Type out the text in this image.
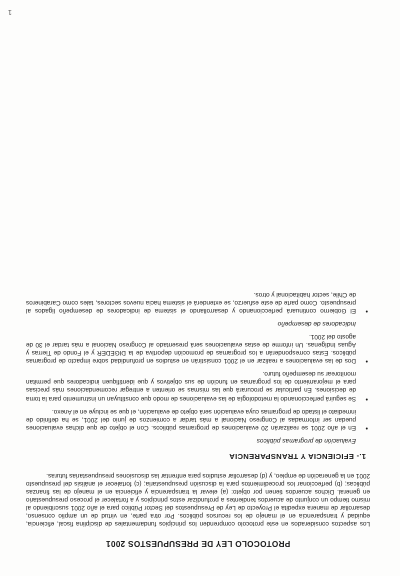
PROTOCOLO LEY DE PRESUPUESTOS 2001

Los aspectos considerados en este protocolo comprenden los principios fundamentales de disciplina fiscal, eficiencia, equidad y transparencia en el manejo de los recursos públicos. Por otra parte, en virtud de un amplio consenso, desarrollar de manera expedita el Proyecto de Ley de Presupuestos del Sector Público para el año 2001 suscribiendo al mismo tiempo un conjunto de acuerdos tendientes a profundizar estos principios y a fortalecer el proceso presupuestario en general. Dichos acuerdos tienen por objeto: (a) elevar la transparencia y eficiencia en el manejo de las finanzas públicas; (b) perfeccionar los procedimientos para la discusión presupuestaria; (c) fortalecer el análisis del presupuesto 2001 en la generación de empleo, y (d) desarrollar estudios para enfrentar las discusiones presupuestarias futuras.

1.- EFICIENCIA Y TRANSPARENCIA
Evaluación de programas públicos
•
En el año 2001 se realizarán 20 evaluaciones de programas públicos. Con el objeto de que dichas evaluaciones puedan ser informadas al Congreso Nacional a más tardar a comienzos de junio del 2001, se ha definido de inmediato el listado de programas cuya evaluación será objeto de evaluación, el que se incluye en el Anexo.
•
Se seguirá perfeccionando la metodología de las evaluaciones de modo que constituyan un instrumento para la toma de decisiones. En particular se procurará que las mismas se orienten a entregar recomendaciones más precisas para el mejoramiento de los programas en función de sus objetivos y que identifiquen indicadores que permitan monitorear su desempeño futuro.
•
Dos de las evaluaciones a realizar en el 2001 consistirán en estudios en profundidad sobre impacto de programas públicos. Estas corresponderán a los programas de promoción deportiva de la DIGEDER y el Fondo de Tierras y Aguas Indígenas. Un informe de estas evaluaciones será presentado al Congreso Nacional a más tardar el 30 de agosto del 2001.
Indicadores de desempeño
•
El Gobierno continuará perfeccionando y desarrollando el sistema de indicadores de desempeño ligados al presupuesto. Como parte de este esfuerzo, se extenderá el sistema hacia nuevos sectores, tales como Carabineros de Chile, sector habitacional y otros.
1
